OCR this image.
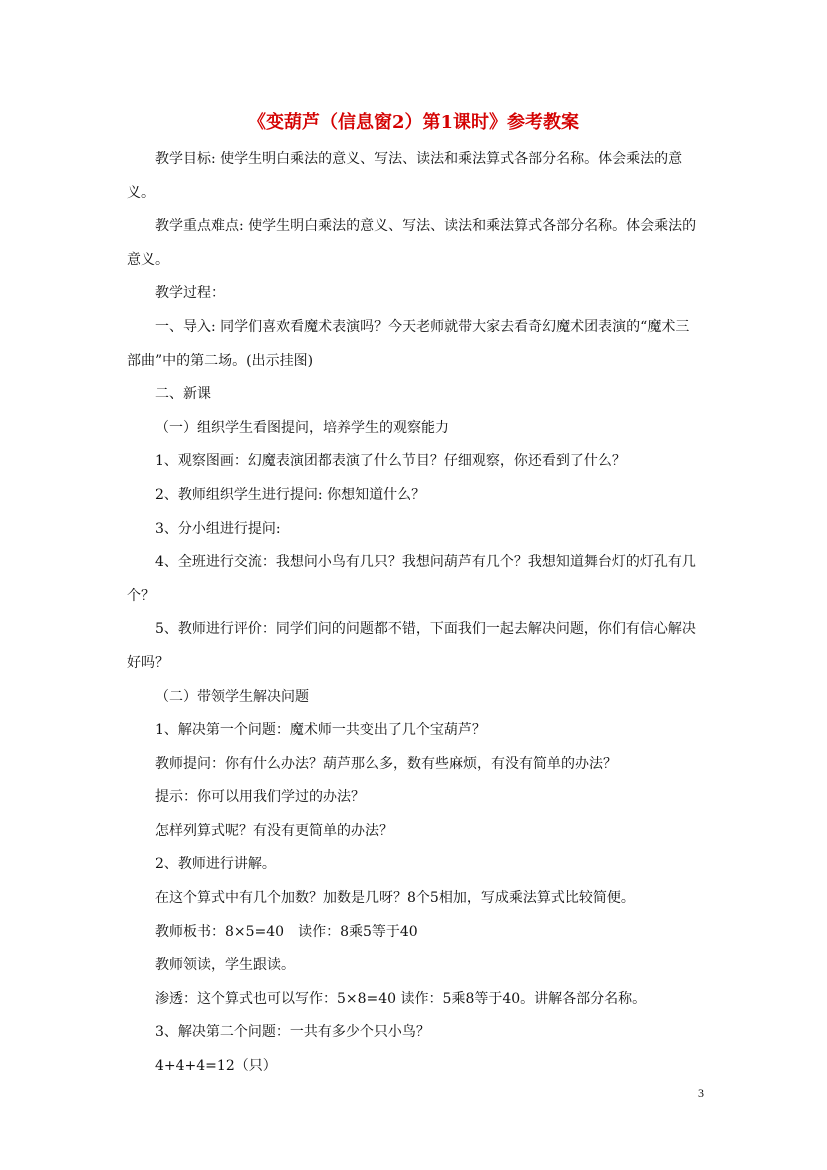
《变葫芦（信息窗2）第1课时》参考教案

教学目标: 使学生明白乘法的意义、写法、读法和乘法算式各部分名称。体会乘法的意义。

教学重点难点: 使学生明白乘法的意义、写法、读法和乘法算式各部分名称。体会乘法的意义。

教学过程：

一、导入: 同学们喜欢看魔术表演吗？今天老师就带大家去看奇幻魔术团表演的“魔术三部曲”中的第二场。(出示挂图)

二、新课

（一）组织学生看图提问，培养学生的观察能力

1、观察图画：幻魔表演团都表演了什么节目？仔细观察，你还看到了什么？

2、教师组织学生进行提问: 你想知道什么？

3、分小组进行提问:

4、全班进行交流：我想问小鸟有几只？我想问葫芦有几个？我想知道舞台灯的灯孔有几个？

5、教师进行评价：同学们问的问题都不错，下面我们一起去解决问题，你们有信心解决好吗？

（二）带领学生解决问题

1、解决第一个问题：魔术师一共变出了几个宝葫芦？

教师提问：你有什么办法？葫芦那么多，数有些麻烦，有没有简单的办法？

提示：你可以用我们学过的办法？

怎样列算式呢？有没有更简单的办法？

2、教师进行讲解。

在这个算式中有几个加数？加数是几呀？8个5相加，写成乘法算式比较简便。

教师板书：8×5=40　读作：8乘5等于40

教师领读，学生跟读。

渗透：这个算式也可以写作：5×8=40 读作：5乘8等于40。讲解各部分名称。

3、解决第二个问题：一共有多少个只小鸟？

4+4+4=12（只）

3
